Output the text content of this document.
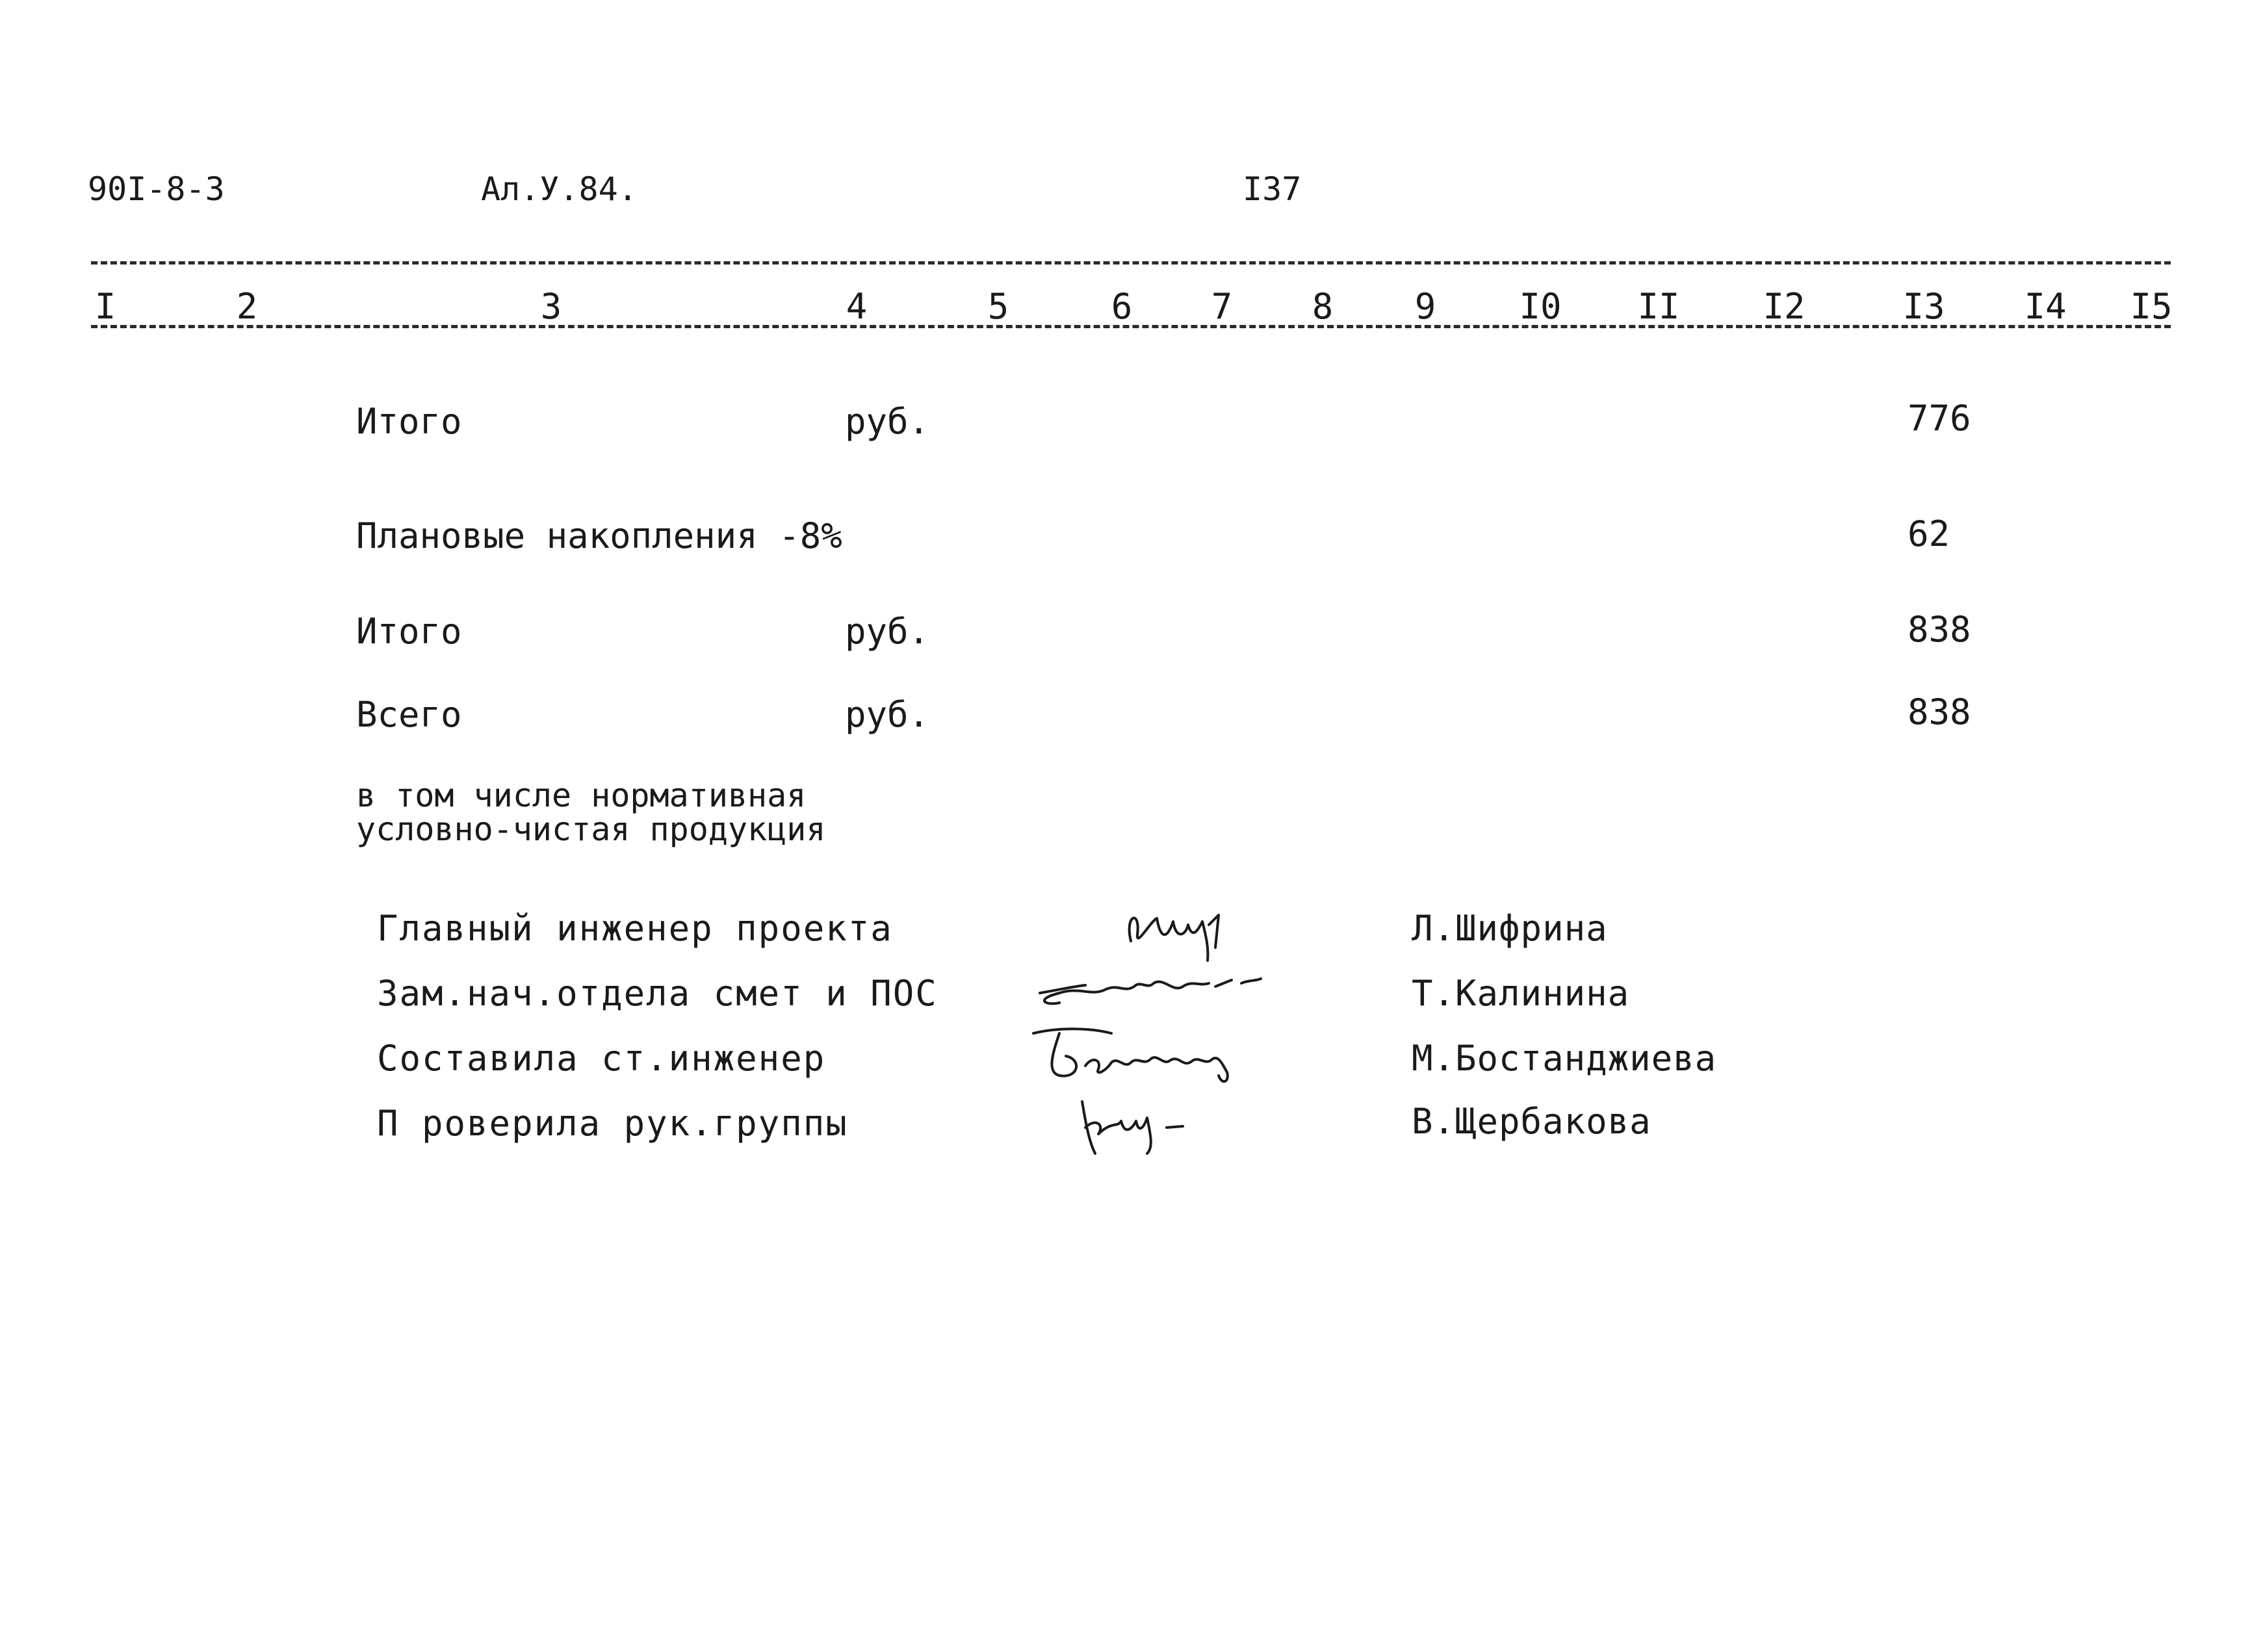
90I-8-3	Ал.У.84.	I37
I	2	3	4	5	6 7 8 9 I0 II I2	I3 I4 I5
Итого	руб.	776
Плановые накопления -8%	62
Итого	руб.	838
Всего	руб.	838
в том числе нормативная
условно-чистая продукция
Главный инженер проекта	Л.Шифрина
Зам.нач.отдела смет и ПОС	Т.Калинина
Составила ст.инженер	М.Бостанджиева
П роверила рук.группы	В.Щербакова
